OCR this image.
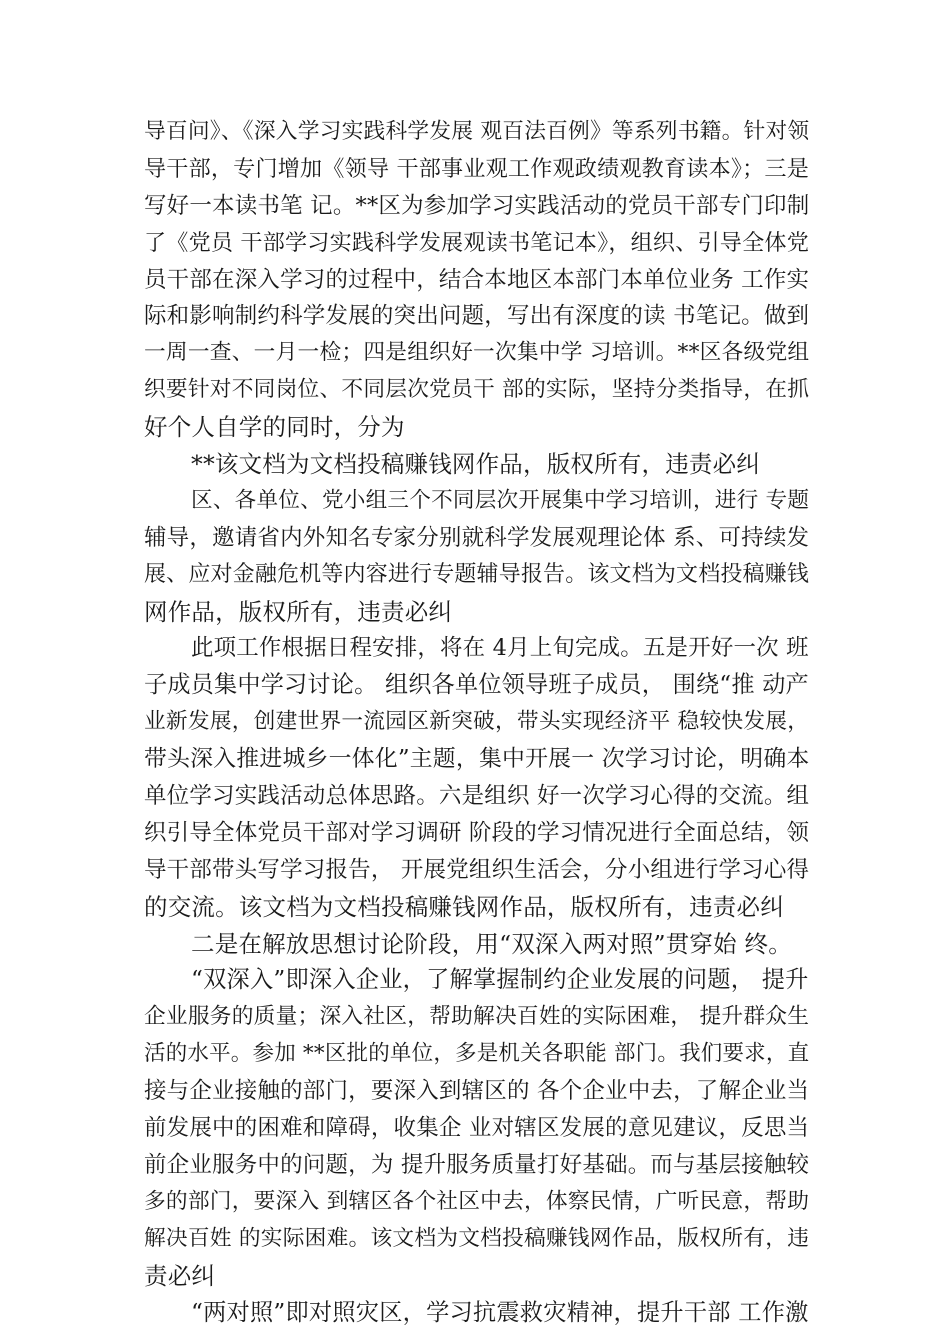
导百问》、《深入学习实践科学发展 观百法百例》等系列书籍。针对领
导干部，专门增加《领导 干部事业观工作观政绩观教育读本》；三是
写好一本读书笔 记。**区为参加学习实践活动的党员干部专门印制
了《党员 干部学习实践科学发展观读书笔记本》，组织、引导全体党
员干部在深入学习的过程中，结合本地区本部门本单位业务 工作实
际和影响制约科学发展的突出问题，写出有深度的读 书笔记。做到
一周一查、一月一检；四是组织好一次集中学 习培训。**区各级党组
织要针对不同岗位、不同层次党员干 部的实际，坚持分类指导，在抓
好个人自学的同时，分为
**该文档为文档投稿赚钱网作品，版权所有，违责必纠
区、各单位、党小组三个不同层次开展集中学习培训，进行 专题
辅导，邀请省内外知名专家分别就科学发展观理论体 系、可持续发
展、应对金融危机等内容进行专题辅导报告。该文档为文档投稿赚钱
网作品，版权所有，违责必纠
此项工作根据日程安排，将在 4月上旬完成。五是开好一次 班
子成员集中学习讨论。 组织各单位领导班子成员， 围绕“推 动产
业新发展，创建世界一流园区新突破，带头实现经济平 稳较快发展，
带头深入推进城乡一体化”主题，集中开展一 次学习讨论，明确本
单位学习实践活动总体思路。六是组织 好一次学习心得的交流。组
织引导全体党员干部对学习调研 阶段的学习情况进行全面总结，领
导干部带头写学习报告， 开展党组织生活会，分小组进行学习心得
的交流。该文档为文档投稿赚钱网作品，版权所有，违责必纠
二是在解放思想讨论阶段，用“双深入两对照”贯穿始 终。
“双深入”即深入企业，了解掌握制约企业发展的问题， 提升
企业服务的质量；深入社区，帮助解决百姓的实际困难， 提升群众生
活的水平。参加 **区批的单位，多是机关各职能 部门。我们要求，直
接与企业接触的部门，要深入到辖区的 各个企业中去，了解企业当
前发展中的困难和障碍，收集企 业对辖区发展的意见建议，反思当
前企业服务中的问题，为 提升服务质量打好基础。而与基层接触较
多的部门，要深入 到辖区各个社区中去，体察民情，广听民意，帮助
解决百姓 的实际困难。该文档为文档投稿赚钱网作品，版权所有，违
责必纠
“两对照”即对照灾区，学习抗震救灾精神，提升干部 工作激
